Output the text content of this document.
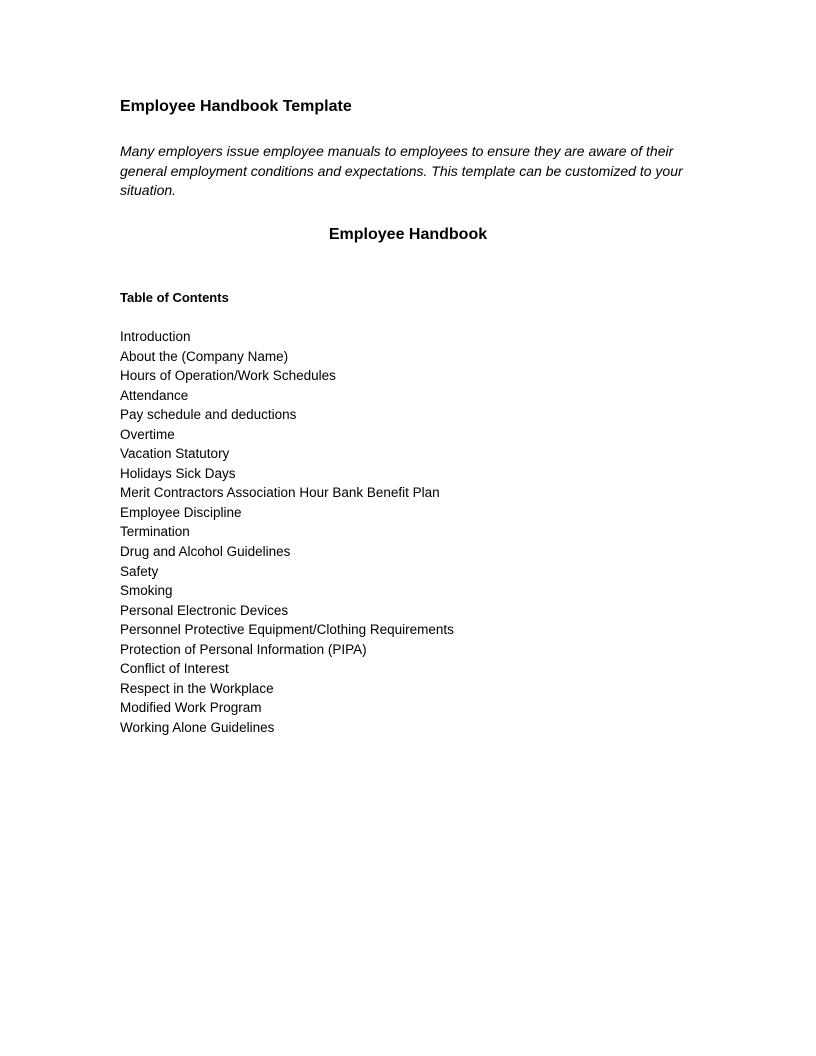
Employee Handbook Template

Many employers issue employee manuals to employees to ensure they are aware of their general employment conditions and expectations. This template can be customized to your situation.

Employee Handbook
Table of Contents
Introduction
About the (Company Name)
Hours of Operation/Work Schedules
Attendance
Pay schedule and deductions
Overtime
Vacation Statutory
Holidays Sick Days
Merit Contractors Association Hour Bank Benefit Plan
Employee Discipline
Termination
Drug and Alcohol Guidelines
Safety
Smoking
Personal Electronic Devices
Personnel Protective Equipment/Clothing Requirements
Protection of Personal Information (PIPA)
Conflict of Interest
Respect in the Workplace
Modified Work Program
Working Alone Guidelines
